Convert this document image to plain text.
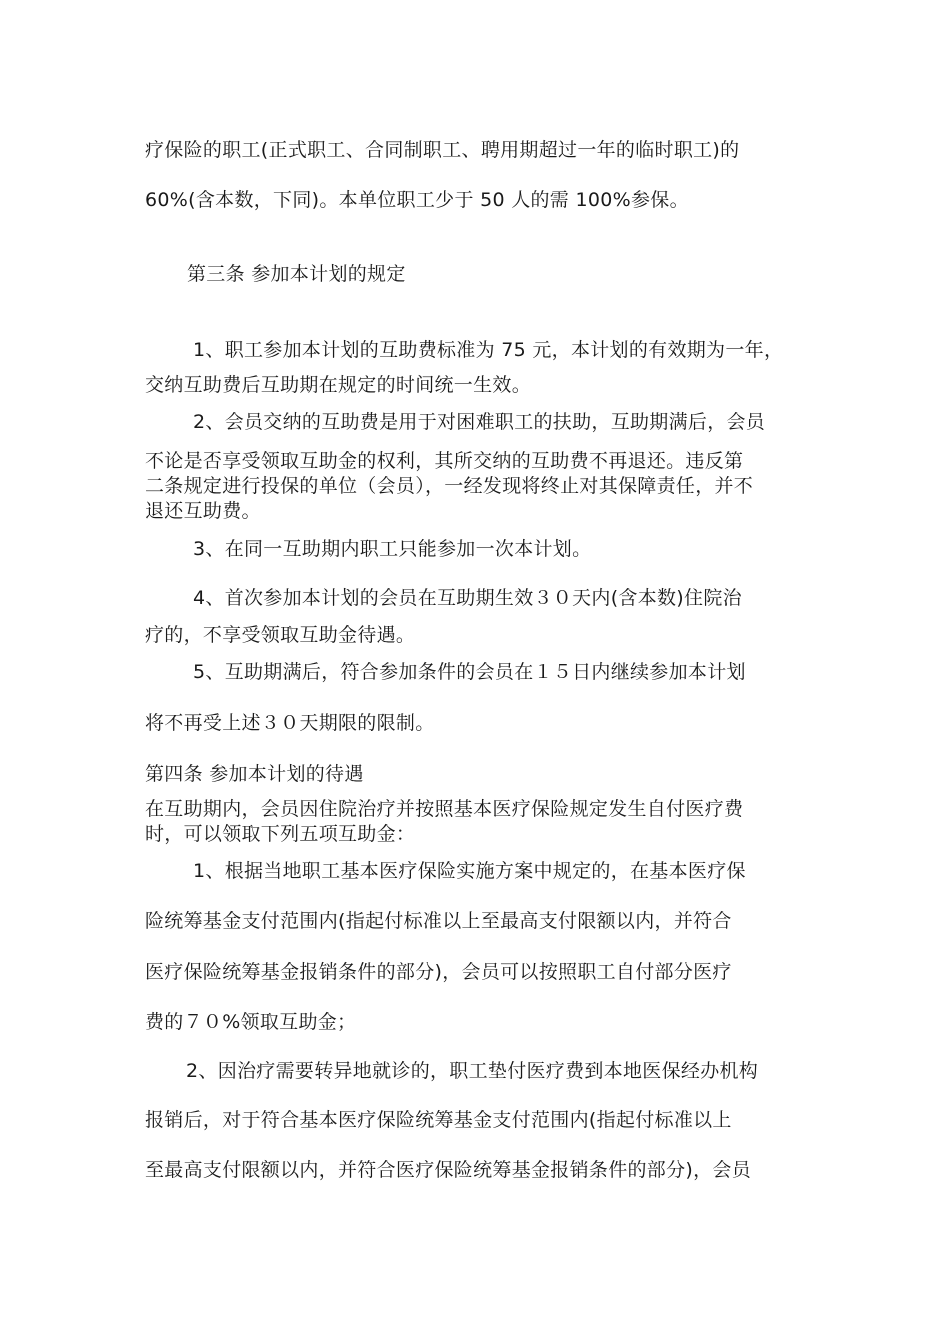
疗保险的职工(正式职工、合同制职工、聘用期超过一年的临时职工)的

60%(含本数，下同)。本单位职工少于 50 人的需 100%参保。

第三条 参加本计划的规定

1、职工参加本计划的互助费标准为 75 元，本计划的有效期为一年，

交纳互助费后互助期在规定的时间统一生效。

2、会员交纳的互助费是用于对困难职工的扶助，互助期满后，会员

不论是否享受领取互助金的权利，其所交纳的互助费不再退还。违反第

二条规定进行投保的单位（会员），一经发现将终止对其保障责任，并不

退还互助费。

3、在同一互助期内职工只能参加一次本计划。

4、首次参加本计划的会员在互助期生效３０天内(含本数)住院治

疗的，不享受领取互助金待遇。

5、互助期满后，符合参加条件的会员在１５日内继续参加本计划

将不再受上述３０天期限的限制。

第四条 参加本计划的待遇

在互助期内，会员因住院治疗并按照基本医疗保险规定发生自付医疗费

时，可以领取下列五项互助金：

1、根据当地职工基本医疗保险实施方案中规定的，在基本医疗保

险统筹基金支付范围内(指起付标准以上至最高支付限额以内，并符合

医疗保险统筹基金报销条件的部分)，会员可以按照职工自付部分医疗

费的７０%领取互助金；

2、因治疗需要转异地就诊的，职工垫付医疗费到本地医保经办机构

报销后，对于符合基本医疗保险统筹基金支付范围内(指起付标准以上

至最高支付限额以内，并符合医疗保险统筹基金报销条件的部分)，会员
